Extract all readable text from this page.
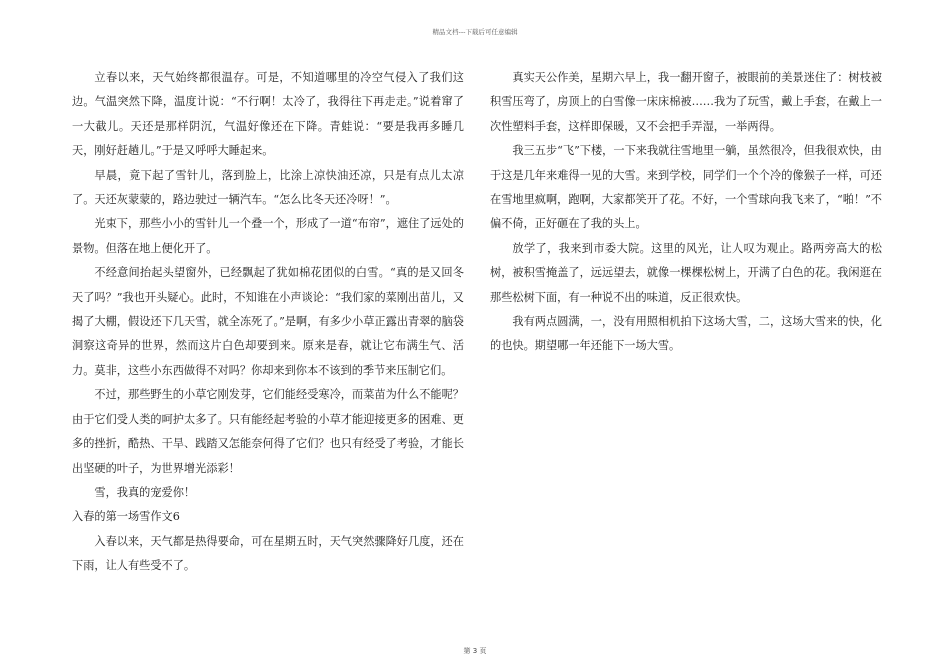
精品文档---下载后可任意编辑

立春以来，天气始终都很温存。可是，不知道哪里的冷空气侵入了我们这边。气温突然下降，温度计说：“不行啊！太冷了，我得往下再走走。”说着窜了一大截儿。天还是那样阴沉，气温好像还在下降。青蛙说：“要是我再多睡几天，刚好赶趟儿。”于是又呼呼大睡起来。

早晨，竟下起了雪针儿，落到脸上，比涂上凉快油还凉，只是有点儿太凉了。天还灰蒙蒙的，路边驶过一辆汽车。“怎么比冬天还冷呀！”。

光束下，那些小小的雪针儿一个叠一个，形成了一道“布帘”，遮住了远处的景物。但落在地上便化开了。

不经意间抬起头望窗外，已经飘起了犹如棉花团似的白雪。“真的是又回冬天了吗？”我也开头疑心。此时，不知谁在小声谈论：“我们家的菜刚出苗儿，又揭了大棚，假设还下几天雪，就全冻死了。”是啊，有多少小草正露出青翠的脑袋洞察这奇异的世界，然而这片白色却要到来。原来是春，就让它布满生气、活力。莫非，这些小东西做得不对吗？你却来到你本不该到的季节来压制它们。

不过，那些野生的小草它刚发芽，它们能经受寒冷，而菜苗为什么不能呢？由于它们受人类的呵护太多了。只有能经起考验的小草才能迎接更多的困难、更多的挫折，酷热、干旱、践踏又怎能奈何得了它们？也只有经受了考验，才能长出坚硬的叶子，为世界增光添彩！

雪，我真的宠爱你！

入春的第一场雪作文6

入春以来，天气都是热得要命，可在星期五时，天气突然骤降好几度，还在下雨，让人有些受不了。

真实天公作美，星期六早上，我一翻开窗子，被眼前的美景迷住了：树枝被积雪压弯了，房顶上的白雪像一床床棉被……我为了玩雪，戴上手套，在戴上一次性塑料手套，这样即保暖，又不会把手弄湿，一举两得。

我三五步“飞”下楼，一下来我就往雪地里一躺，虽然很冷，但我很欢快，由于这是几年来难得一见的大雪。来到学校，同学们一个个冷的像猴子一样，可还在雪地里疯啊，跑啊，大家都笑开了花。不好，一个雪球向我飞来了，“啪！”不偏不倚，正好砸在了我的头上。

放学了，我来到市委大院。这里的风光，让人叹为观止。路两旁高大的松树，被积雪掩盖了，远远望去，就像一棵棵松树上，开满了白色的花。我闲逛在那些松树下面，有一种说不出的味道，反正很欢快。

我有两点圆满，一，没有用照相机拍下这场大雪，二，这场大雪来的快，化的也快。期望哪一年还能下一场大雪。

第 3 页
